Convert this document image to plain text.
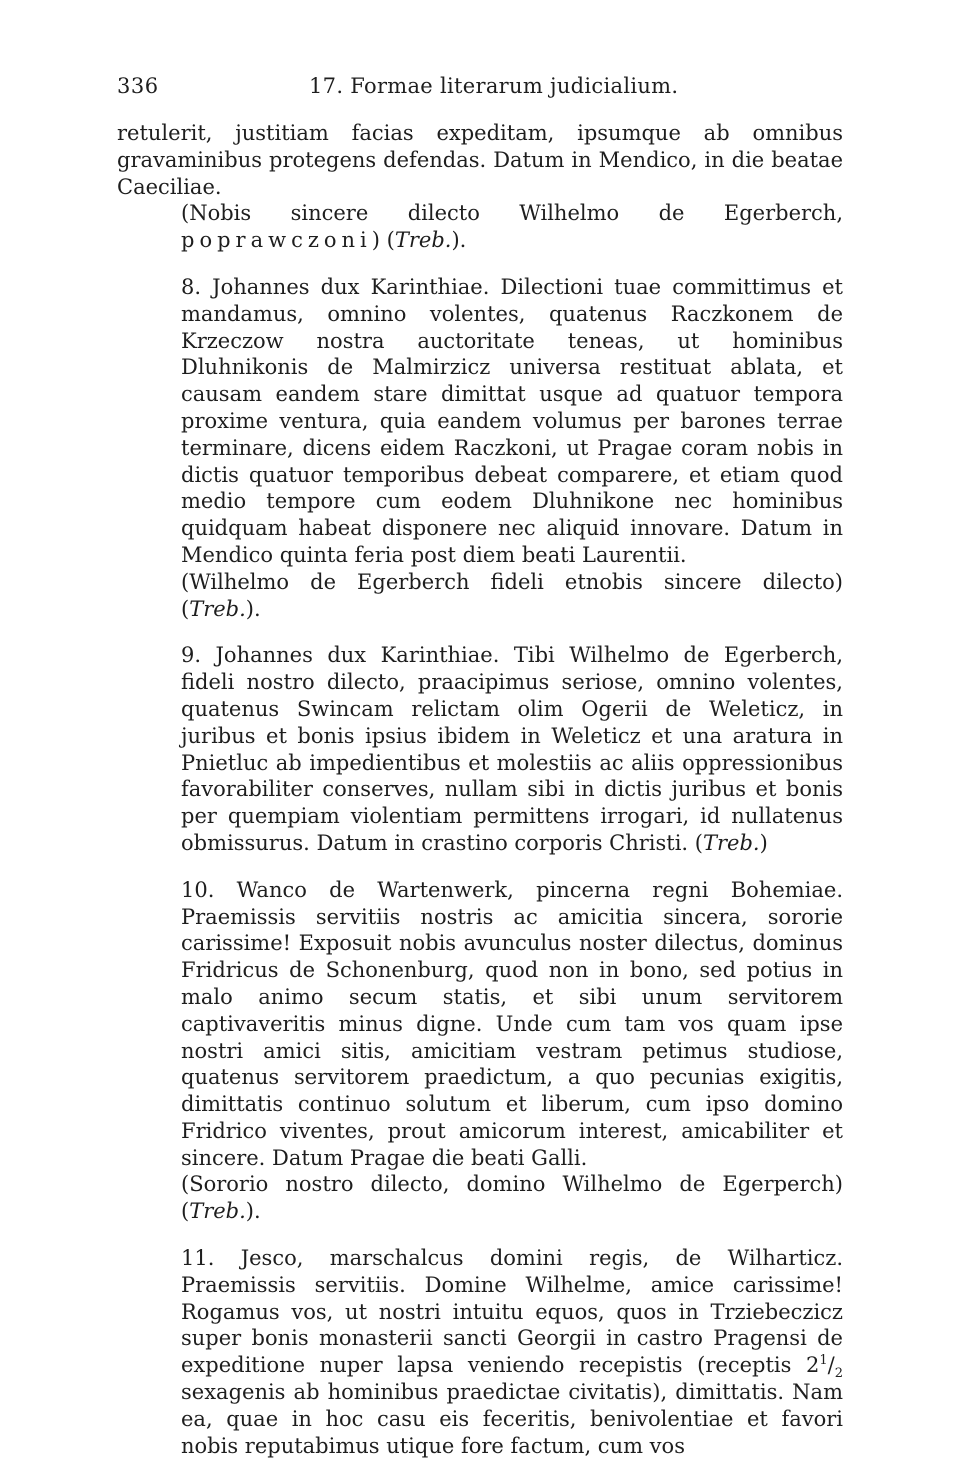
336	17. Formae literarum judicialium.

retulerit, justitiam facias expeditam, ipsumque ab omnibus gravaminibus protegens defendas. Datum in Mendico, in die beatae Caeciliae.

(Nobis sincere dilecto Wilhelmo de Egerberch, poprawczoni) (Treb.).

8. Johannes dux Karinthiae. Dilectioni tuae committimus et mandamus, omnino volentes, quatenus Raczkonem de Krzeczow nostra auctoritate teneas, ut hominibus Dluhnikonis de Malmirzicz universa restituat ablata, et causam eandem stare dimittat usque ad quatuor tempora proxime ventura, quia eandem volumus per barones terrae terminare, dicens eidem Raczkoni, ut Pragae coram nobis in dictis quatuor temporibus debeat comparere, et etiam quod medio tempore cum eodem Dluhnikone nec hominibus quidquam habeat disponere nec aliquid innovare. Datum in Mendico quinta feria post diem beati Laurentii.

(Wilhelmo de Egerberch fideli etnobis sincere dilecto) (Treb.).

9. Johannes dux Karinthiae. Tibi Wilhelmo de Egerberch, fideli nostro dilecto, praacipimus seriose, omnino volentes, quatenus Swincam relictam olim Ogerii de Weleticz, in juribus et bonis ipsius ibidem in Weleticz et una aratura in Pnietluc ab impedientibus et molestiis ac aliis oppressionibus favorabiliter conserves, nullam sibi in dictis juribus et bonis per quempiam violentiam permittens irrogari, id nullatenus obmissurus. Datum in crastino corporis Christi. (Treb.)

10. Wanco de Wartenwerk, pincerna regni Bohemiae. Praemissis servitiis nostris ac amicitia sincera, sororie carissime! Exposuit nobis avunculus noster dilectus, dominus Fridricus de Schonenburg, quod non in bono, sed potius in malo animo secum statis, et sibi unum servitorem captivaveritis minus digne. Unde cum tam vos quam ipse nostri amici sitis, amicitiam vestram petimus studiose, quatenus servitorem praedictum, a quo pecunias exigitis, dimittatis continuo solutum et liberum, cum ipso domino Fridrico viventes, prout amicorum interest, amicabiliter et sincere. Datum Pragae die beati Galli.

(Sororio nostro dilecto, domino Wilhelmo de Egerperch) (Treb.).

11. Jesco, marschalcus domini regis, de Wilharticz. Praemissis servitiis. Domine Wilhelme, amice carissime! Rogamus vos, ut nostri intuitu equos, quos in Trziebeczicz super bonis monasterii sancti Georgii in castro Pragensi de expeditione nuper lapsa veniendo recepistis (receptis $2^1/_2$ sexagenis ab hominibus praedictae civitatis), dimittatis. Nam ea, quae in hoc casu eis feceritis, benivolentiae et favori nobis reputabimus utique fore factum, cum vos
